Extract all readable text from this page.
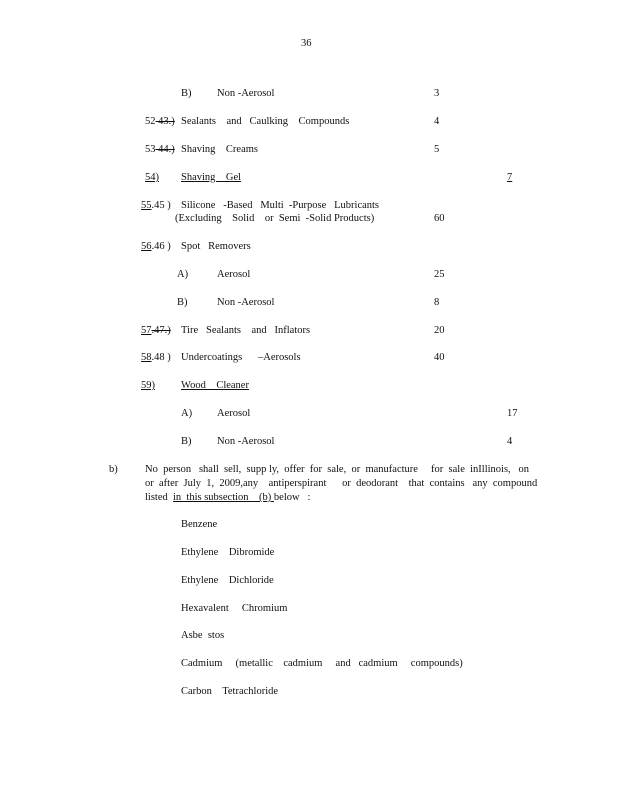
36
B) Non -Aerosol	3
52 43.) Sealants    and   Caulking    Compounds	4
53 44.) Shaving    Creams	5
54) Shaving    Gel	7
55.45 ) Silicone   -Based   Multi  -Purpose   Lubricants
(Excluding    Solid    or  Semi  -Solid Products)	60
56.46 ) Spot   Removers
A)	Aerosol	25
B)	Non -Aerosol	8
57.47.) Tire   Sealants    and   Inflators	20
58.48 ) Undercoatings      –Aerosols	40
59) Wood    Cleaner
A) Aerosol	17
B) Non -Aerosol	4
b)	No  person   shall  sell,  supp ly,  offer  for  sale,  or  manufacture     for  sale  inIllinois,   on
or  after  July  1,  2009,any    antiperspirant      or  deodorant    that  contains   any  compound
listed  in  this subsection    (b) below   :
Benzene
Ethylene    Dibromide
Ethylene    Dichloride
Hexavalent     Chromium
Asbe  stos
Cadmium     (metallic    cadmium     and   cadmium     compounds)
Carbon    Tetrachloride
